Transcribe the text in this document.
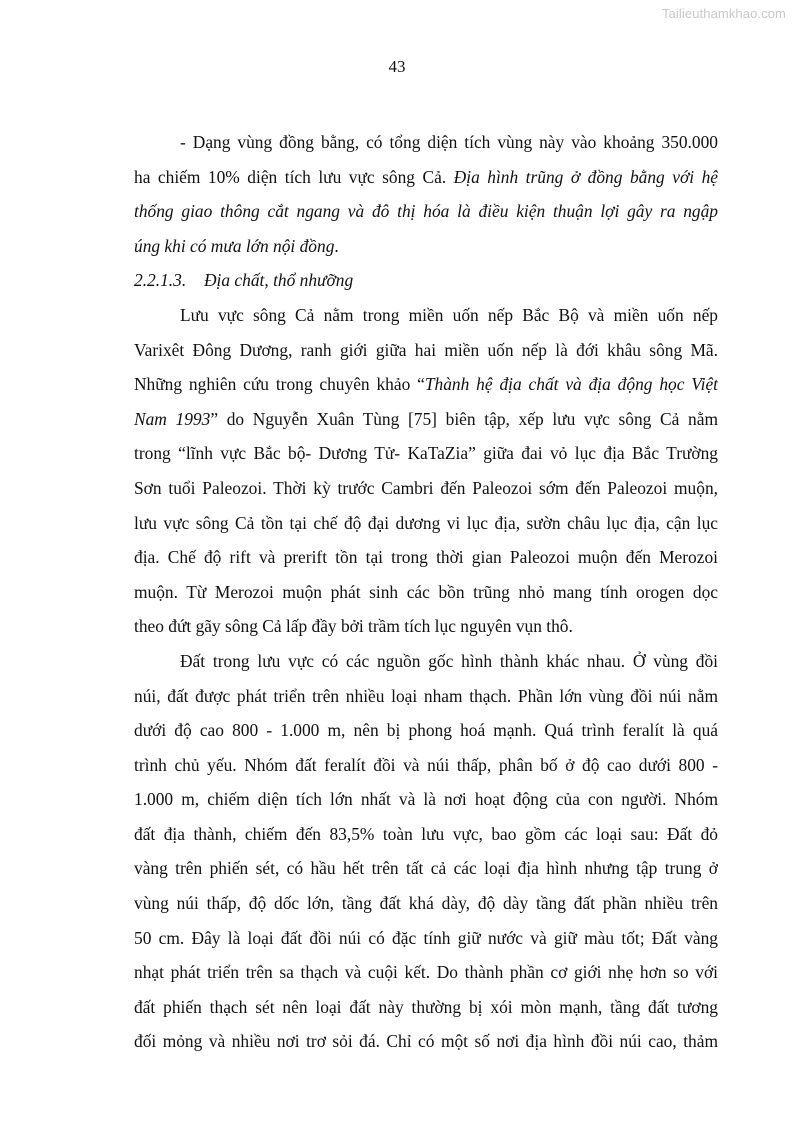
Tailieuthamkhao.com
43
- Dạng vùng đồng bằng, có tổng diện tích vùng này vào khoảng 350.000
ha chiếm 10% diện tích lưu vực sông Cả. Địa hình trũng ở đồng bằng với hệ
thống giao thông cắt ngang và đô thị hóa là điều kiện thuận lợi gây ra ngập
úng khi có mưa lớn nội đồng.
2.2.1.3. Địa chất, thổ nhưỡng
Lưu vực sông Cả nằm trong miền uốn nếp Bắc Bộ và miền uốn nếp
Varixêt Đông Dương, ranh giới giữa hai miền uốn nếp là đới khâu sông Mã.
Những nghiên cứu trong chuyên khảo “Thành hệ địa chất và địa động học Việt
Nam 1993” do Nguyễn Xuân Tùng [75] biên tập, xếp lưu vực sông Cả nằm
trong “lĩnh vực Bắc bộ- Dương Tử- KaTaZia” giữa đai vỏ lục địa Bắc Trường
Sơn tuổi Paleozoi. Thời kỳ trước Cambri đến Paleozoi sớm đến Paleozoi muộn,
lưu vực sông Cả tồn tại chế độ đại dương vi lục địa, sườn châu lục địa, cận lục
địa. Chế độ rift và prerift tồn tại trong thời gian Paleozoi muộn đến Merozoi
muộn. Từ Merozoi muộn phát sinh các bồn trũng nhỏ mang tính orogen dọc
theo đứt gãy sông Cả lấp đầy bởi trầm tích lục nguyên vụn thô.
Đất trong lưu vực có các nguồn gốc hình thành khác nhau. Ở vùng đồi
núi, đất được phát triển trên nhiều loại nham thạch. Phần lớn vùng đồi núi nằm
dưới độ cao 800 - 1.000 m, nên bị phong hoá mạnh. Quá trình feralít là quá
trình chủ yếu. Nhóm đất feralít đồi và núi thấp, phân bố ở độ cao dưới 800 -
1.000 m, chiếm diện tích lớn nhất và là nơi hoạt động của con người. Nhóm
đất địa thành, chiếm đến 83,5% toàn lưu vực, bao gồm các loại sau: Đất đỏ
vàng trên phiến sét, có hầu hết trên tất cả các loại địa hình nhưng tập trung ở
vùng núi thấp, độ dốc lớn, tầng đất khá dày, độ dày tầng đất phần nhiều trên
50 cm. Đây là loại đất đồi núi có đặc tính giữ nước và giữ màu tốt; Đất vàng
nhạt phát triển trên sa thạch và cuội kết. Do thành phần cơ giới nhẹ hơn so với
đất phiến thạch sét nên loại đất này thường bị xói mòn mạnh, tầng đất tương
đối mỏng và nhiều nơi trơ sỏi đá. Chỉ có một số nơi địa hình đồi núi cao, thảm
